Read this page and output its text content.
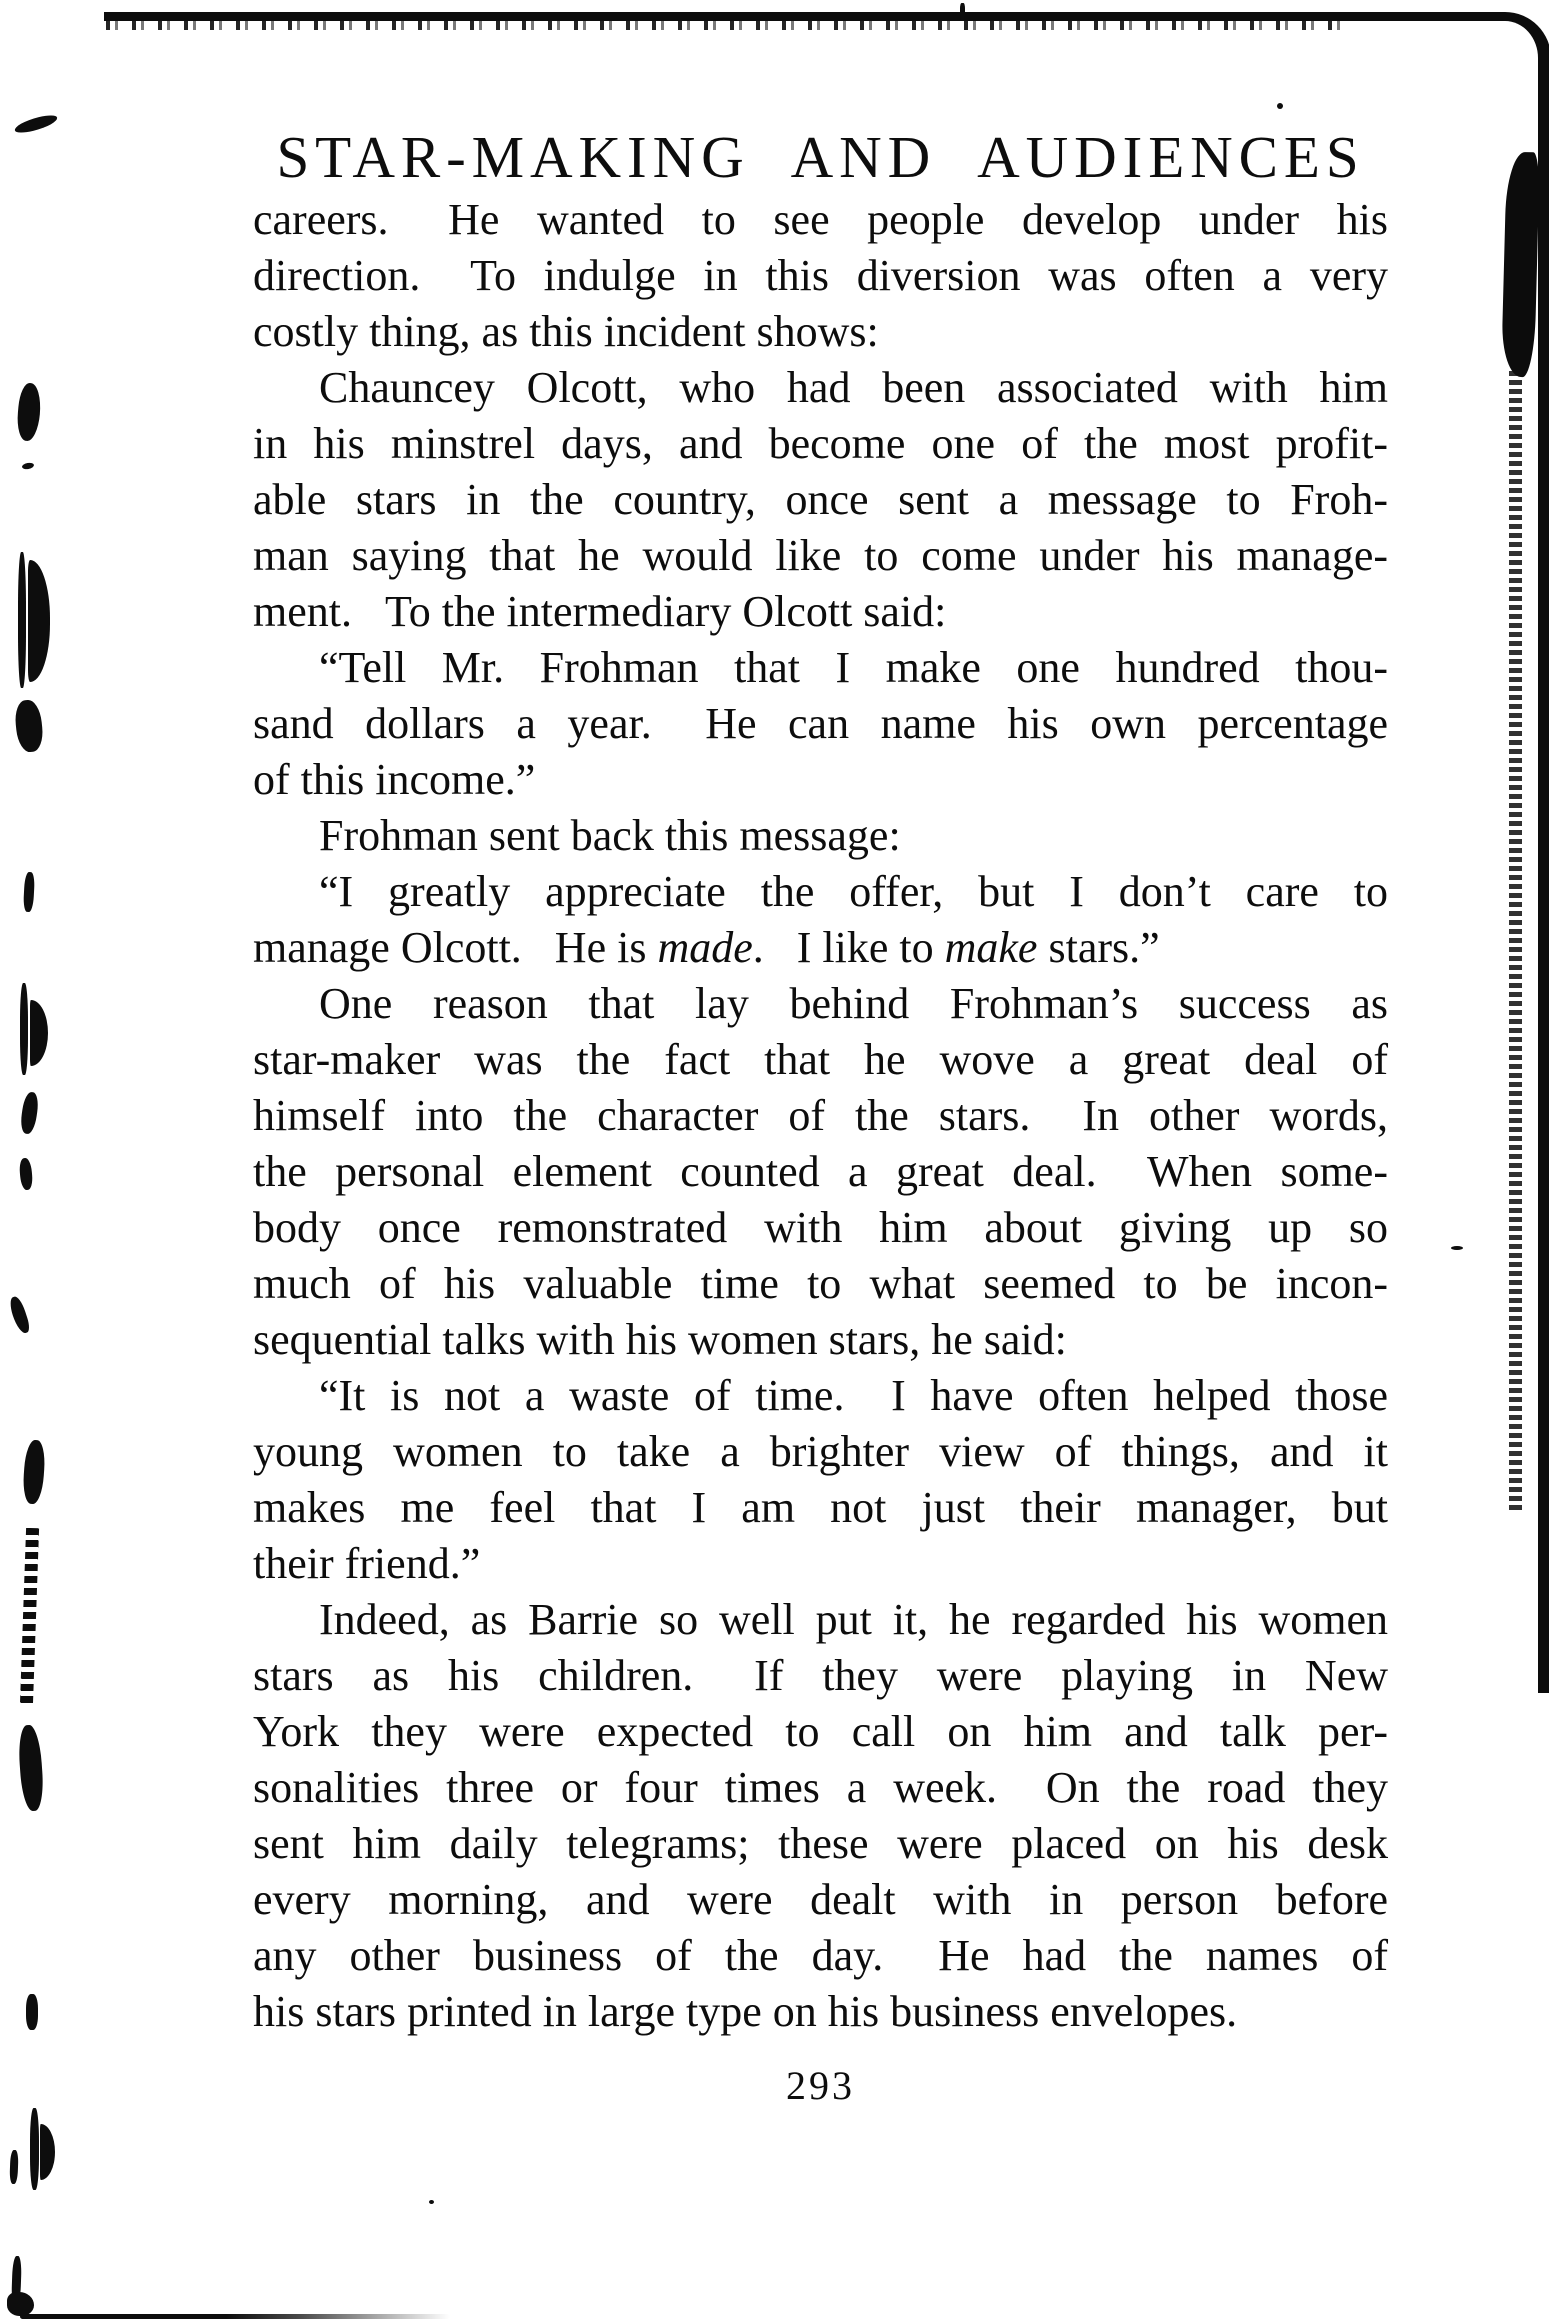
STAR-MAKING AND AUDIENCES
careers.  He wanted to see people develop under his
direction.  To indulge in this diversion was often a very
costly thing, as this incident shows:
Chauncey Olcott, who had been associated with him
in his minstrel days, and become one of the most profit-
able stars in the country, once sent a message to Froh-
man saying that he would like to come under his manage-
ment.  To the intermediary Olcott said:
“Tell Mr. Frohman that I make one hundred thou-
sand dollars a year.  He can name his own percentage
of this income.”
Frohman sent back this message:
“I greatly appreciate the offer, but I don’t care to
manage Olcott.  He is made.  I like to make stars.”
One reason that lay behind Frohman’s success as
star-maker was the fact that he wove a great deal of
himself into the character of the stars.  In other words,
the personal element counted a great deal.  When some-
body once remonstrated with him about giving up so
much of his valuable time to what seemed to be incon-
sequential talks with his women stars, he said:
“It is not a waste of time.  I have often helped those
young women to take a brighter view of things, and it
makes me feel that I am not just their manager, but
their friend.”
Indeed, as Barrie so well put it, he regarded his women
stars as his children.  If they were playing in New
York they were expected to call on him and talk per-
sonalities three or four times a week.  On the road they
sent him daily telegrams; these were placed on his desk
every morning, and were dealt with in person before
any other business of the day.  He had the names of
his stars printed in large type on his business envelopes.
293
